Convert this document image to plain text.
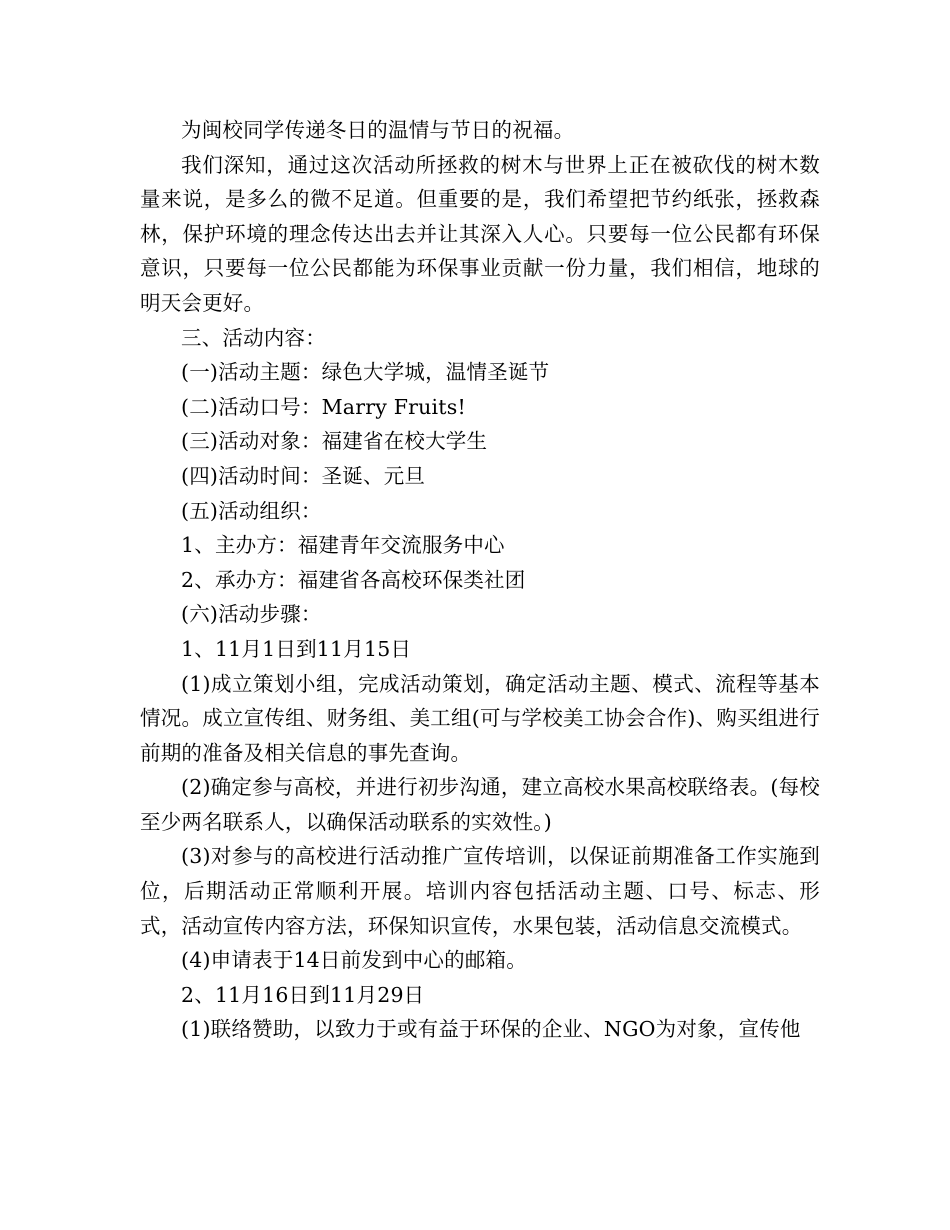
为闽校同学传递冬日的温情与节日的祝福。

我们深知，通过这次活动所拯救的树木与世界上正在被砍伐的树木数量来说，是多么的微不足道。但重要的是，我们希望把节约纸张，拯救森林，保护环境的理念传达出去并让其深入人心。只要每一位公民都有环保意识，只要每一位公民都能为环保事业贡献一份力量，我们相信，地球的明天会更好。

三、活动内容：

(一)活动主题：绿色大学城，温情圣诞节

(二)活动口号：Marry Fruits!

(三)活动对象：福建省在校大学生

(四)活动时间：圣诞、元旦

(五)活动组织：

1、主办方：福建青年交流服务中心

2、承办方：福建省各高校环保类社团

(六)活动步骤：

1、11月1日到11月15日

(1)成立策划小组，完成活动策划，确定活动主题、模式、流程等基本情况。成立宣传组、财务组、美工组(可与学校美工协会合作)、购买组进行前期的准备及相关信息的事先查询。

(2)确定参与高校，并进行初步沟通，建立高校水果高校联络表。(每校至少两名联系人，以确保活动联系的实效性。)

(3)对参与的高校进行活动推广宣传培训，以保证前期准备工作实施到位，后期活动正常顺利开展。培训内容包括活动主题、口号、标志、形式，活动宣传内容方法，环保知识宣传，水果包装，活动信息交流模式。

(4)申请表于14日前发到中心的邮箱。

2、11月16日到11月29日

(1)联络赞助，以致力于或有益于环保的企业、NGO为对象，宣传他
